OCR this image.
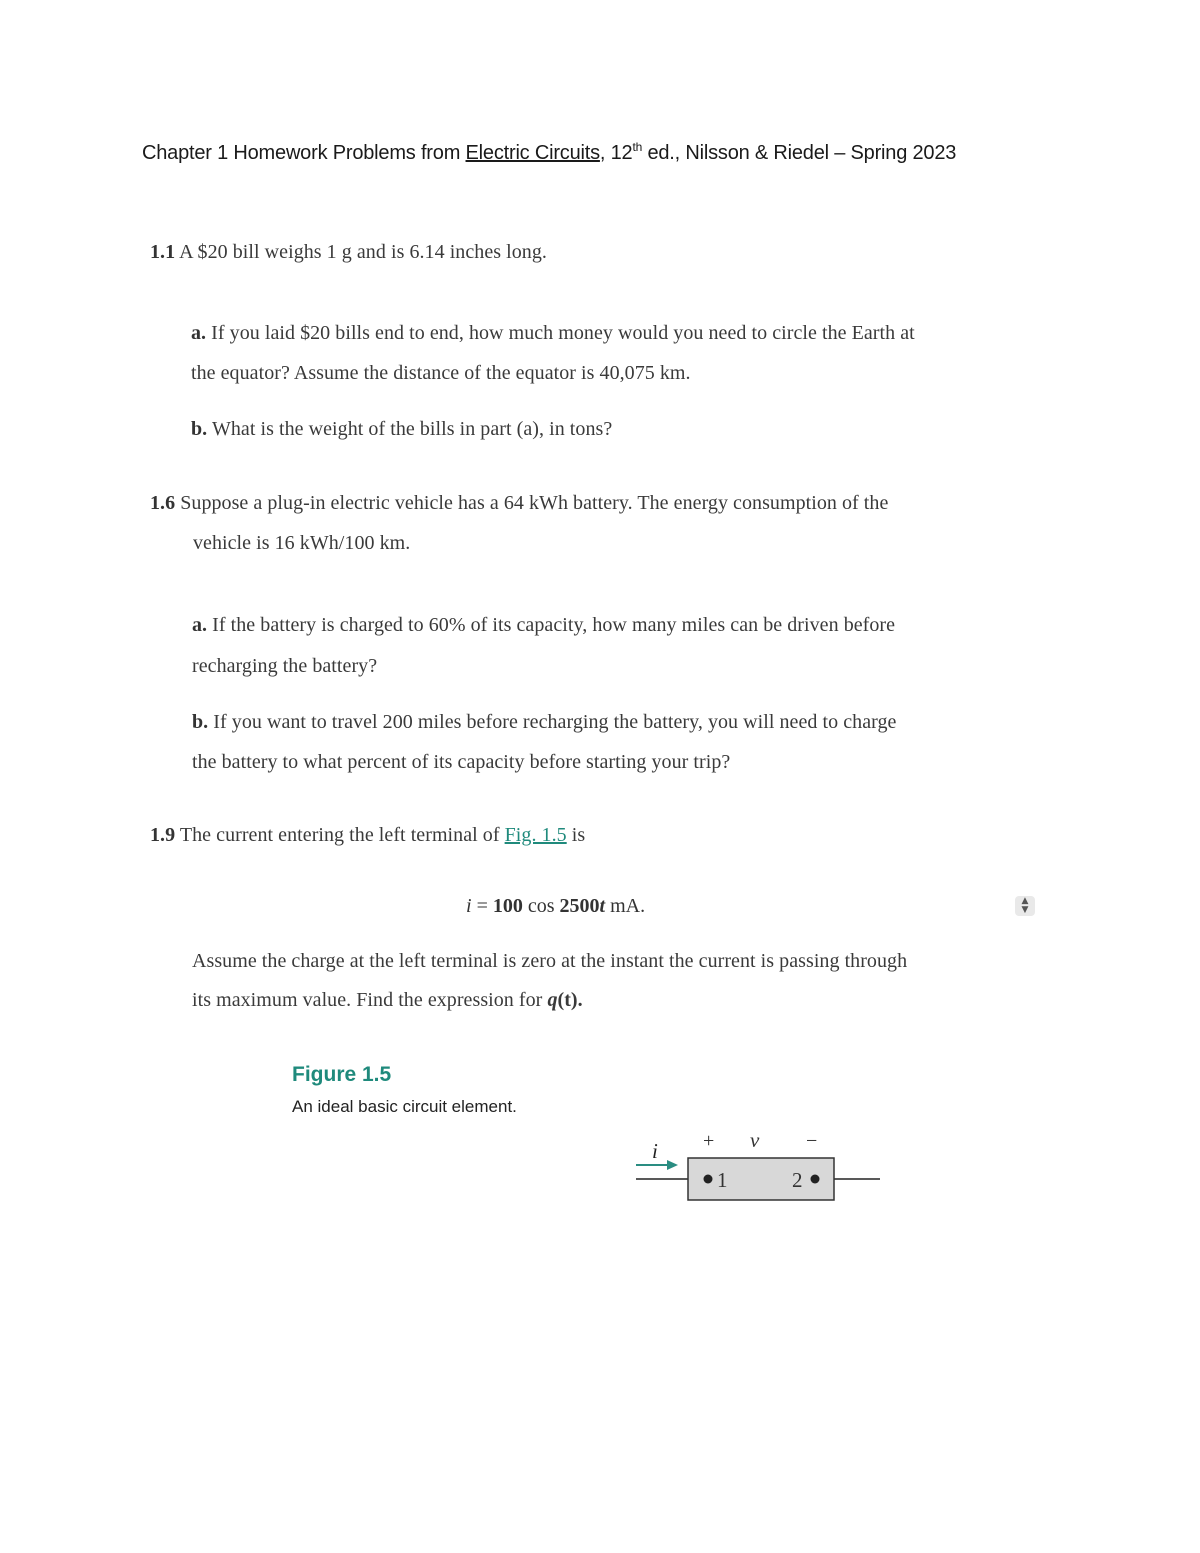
Chapter 1 Homework Problems from Electric Circuits, 12th ed., Nilsson & Riedel – Spring 2023
1.1 A $20 bill weighs 1 g and is 6.14 inches long.
a. If you laid $20 bills end to end, how much money would you need to circle the Earth at
the equator? Assume the distance of the equator is 40,075 km.
b. What is the weight of the bills in part (a), in tons?
1.6 Suppose a plug-in electric vehicle has a 64 kWh battery. The energy consumption of the
vehicle is 16 kWh/100 km.
a. If the battery is charged to 60% of its capacity, how many miles can be driven before
recharging the battery?
b. If you want to travel 200 miles before recharging the battery, you will need to charge
the battery to what percent of its capacity before starting your trip?
1.9 The current entering the left terminal of Fig. 1.5 is
i = 100 cos 2500t mA.	▲
▼
Assume the charge at the left terminal is zero at the instant the current is passing through
its maximum value. Find the expression for q(t).
Figure 1.5
An ideal basic circuit element.
i
1	2
+ v −
